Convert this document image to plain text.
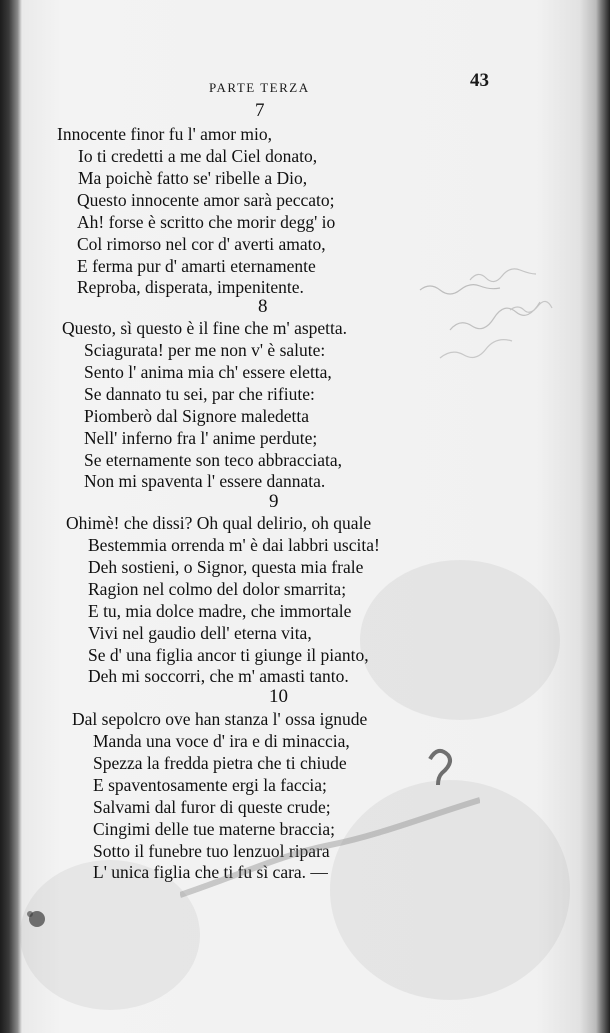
PARTE TERZA	43
7
Innocente finor fu l' amor mio,
Io ti credetti a me dal Ciel donato,
Ma poichè fatto se' ribelle a Dio,
Questo innocente amor sarà peccato;
Ah! forse è scritto che morir degg' io
Col rimorso nel cor d' averti amato,
E ferma pur d' amarti eternamente
Reproba, disperata, impenitente.
8
Questo, sì questo è il fine che m' aspetta.
Sciagurata! per me non v' è salute:
Sento l' anima mia ch' essere eletta,
Se dannato tu sei, par che rifiute:
Piomberò dal Signore maledetta
Nell' inferno fra l' anime perdute;
Se eternamente son teco abbracciata,
Non mi spaventa l' essere dannata.
9
Ohimè! che dissi? Oh qual delirio, oh quale
Bestemmia orrenda m' è dai labbri uscita!
Deh sostieni, o Signor, questa mia frale
Ragion nel colmo del dolor smarrita;
E tu, mia dolce madre, che immortale
Vivi nel gaudio dell' eterna vita,
Se d' una figlia ancor ti giunge il pianto,
Deh mi soccorri, che m' amasti tanto.
10
Dal sepolcro ove han stanza l' ossa ignude
Manda una voce d' ira e di minaccia,
Spezza la fredda pietra che ti chiude
E spaventosamente ergi la faccia;
Salvami dal furor di queste crude;
Cingimi delle tue materne braccia;
Sotto il funebre tuo lenzuol ripara
L' unica figlia che ti fu sì cara. —
